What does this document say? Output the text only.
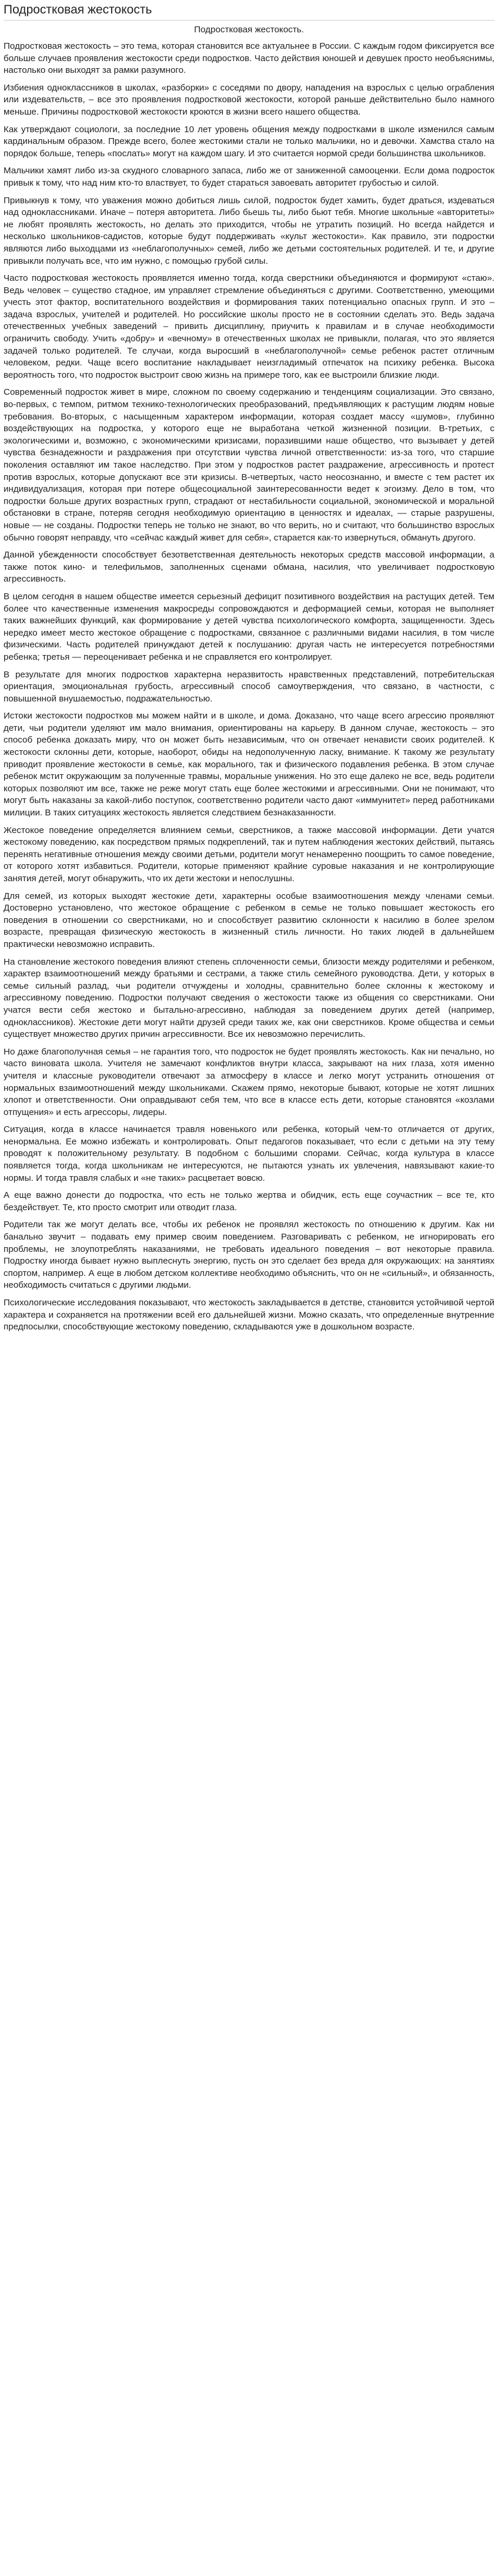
Подростковая жестокость
Подростковая жестокость.

Подростковая жестокость – это тема, которая становится все актуальнее в России. С каждым годом фиксируется все больше случаев проявления жестокости среди подростков. Часто действия юношей и девушек просто необъяснимы, настолько они выходят за рамки разумного.

Избиения одноклассников в школах, «разборки» с соседями по двору, нападения на взрослых с целью ограбления или издевательств, – все это проявления подростковой жестокости, которой раньше действительно было намного меньше. Причины подростковой жестокости кроются в жизни всего нашего общества.

Как утверждают социологи, за последние 10 лет уровень общения между подростками в школе изменился самым кардинальным образом. Прежде всего, более жестокими стали не только мальчики, но и девочки. Хамства стало на порядок больше, теперь «послать» могут на каждом шагу. И это считается нормой среди большинства школьников.

Мальчики хамят либо из-за скудного словарного запаса, либо же от заниженной самооценки. Если дома подросток привык к тому, что над ним кто-то властвует, то будет стараться завоевать авторитет грубостью и силой.

Привыкнув к тому, что уважения можно добиться лишь силой, подросток будет хамить, будет драться, издеваться над одноклассниками. Иначе – потеря авторитета. Либо бьешь ты, либо бьют тебя. Многие школьные «авторитеты» не любят проявлять жестокость, но делать это приходится, чтобы не утратить позиций. Но всегда найдется и несколько школьников-садистов, которые будут поддерживать «культ жестокости». Как правило, эти подростки являются либо выходцами из «неблагополучных» семей, либо же детьми состоятельных родителей. И те, и другие привыкли получать все, что им нужно, с помощью грубой силы.

Часто подростковая жестокость проявляется именно тогда, когда сверстники объединяются и формируют «стаю». Ведь человек – существо стадное, им управляет стремление объединяться с другими. Соответственно, умеющими учесть этот фактор, воспитательного воздействия и формирования таких потенциально опасных групп. И это – задача взрослых, учителей и родителей. Но российские школы просто не в состоянии сделать это. Ведь задача отечественных учебных заведений – привить дисциплину, приучить к правилам и в случае необходимости ограничить свободу. Учить «добру» и «вечному» в отечественных школах не привыкли, полагая, что это является задачей только родителей. Те случаи, когда выросший в «неблагополучной» семье ребенок растет отличным человеком, редки. Чаще всего воспитание накладывает неизгладимый отпечаток на психику ребенка. Высока вероятность того, что подросток выстроит свою жизнь на примере того, как ее выстроили близкие люди.

Современный подросток живет в мире, сложном по своему содержанию и тенденциям социализации. Это связано, во-первых, с темпом, ритмом технико-технологических преобразований, предъявляющих к растущим людям новые требования. Во-вторых, с насыщенным характером информации, которая создает массу «шумов», глубинно воздействующих на подростка, у которого еще не выработана четкой жизненной позиции. В-третьих, с экологическими и, возможно, с экономическими кризисами, поразившими наше общество, что вызывает у детей чувства безнадежности и раздражения при отсутствии чувства личной ответственности: из-за того, что старшие поколения оставляют им такое наследство. При этом у подростков растет раздражение, агрессивность и протест против взрослых, которые допускают все эти кризисы. В-четвертых, часто неосознанно, и вместе с тем растет их индивидуализация, которая при потере общесоциальной заинтересованности ведет к эгоизму. Дело в том, что подростки больше других возрастных групп, страдают от нестабильности социальной, экономической и моральной обстановки в стране, потеряв сегодня необходимую ориентацию в ценностях и идеалах, — старые разрушены, новые — не созданы. Подростки теперь не только не знают, во что верить, но и считают, что большинство взрослых обычно говорят неправду, что «сейчас каждый живет для себя», старается как-то извернуться, обмануть другого.

Данной убежденности способствует безответственная деятельность некоторых средств массовой информации, а также поток кино- и телефильмов, заполненных сценами обмана, насилия, что увеличивает подростковую агрессивность.

В целом сегодня в нашем обществе имеется серьезный дефицит позитивного воздействия на растущих детей. Тем более что качественные изменения макросреды сопровождаются и деформацией семьи, которая не выполняет таких важнейших функций, как формирование у детей чувства психологического комфорта, защищенности. Здесь нередко имеет место жестокое обращение с подростками, связанное с различными видами насилия, в том числе физическими. Часть родителей принуждают детей к послушанию: другая часть не интересуется потребностями ребенка; третья — переоценивает ребенка и не справляется его контролирует.

В результате для многих подростков характерна неразвитость нравственных представлений, потребительская ориентация, эмоциональная грубость, агрессивный способ самоутверждения, что связано, в частности, с повышенной внушаемостью, подражательностью.

Истоки жестокости подростков мы можем найти и в школе, и дома. Доказано, что чаще всего агрессию проявляют дети, чьи родители уделяют им мало внимания, ориентированы на карьеру. В данном случае, жестокость – это способ ребенка доказать миру, что он может быть независимым, что он отвечает ненависти своих родителей. К жестокости склонны дети, которые, наоборот, обиды на недополученную ласку, внимание. К такому же результату приводит проявление жестокости в семье, как морального, так и физического подавления ребенка. В этом случае ребенок мстит окружающим за полученные травмы, моральные унижения. Но это еще далеко не все, ведь родители которых позволяют им все, также не реже могут стать еще более жестокими и агрессивными. Они не понимают, что могут быть наказаны за какой-либо поступок, соответственно родители часто дают «иммунитет» перед работниками милиции. В таких ситуациях жестокость является следствием безнаказанности.

Жестокое поведение определяется влиянием семьи, сверстников, а также массовой информации. Дети учатся жестокому поведению, как посредством прямых подкреплений, так и путем наблюдения жестоких действий, пытаясь перенять негативные отношения между своими детьми, родители могут ненамеренно поощрить то самое поведение, от которого хотят избавиться. Родители, которые применяют крайние суровые наказания и не контролирующие занятия детей, могут обнаружить, что их дети жестоки и непослушны.

Для семей, из которых выходят жестокие дети, характерны особые взаимоотношения между членами семьи. Достоверно установлено, что жестокое обращение с ребенком в семье не только повышает жестокость его поведения в отношении со сверстниками, но и способствует развитию склонности к насилию в более зрелом возрасте, превращая физическую жестокость в жизненный стиль личности. Но таких людей в дальнейшем практически невозможно исправить.

На становление жестокого поведения влияют степень сплоченности семьи, близости между родителями и ребенком, характер взаимоотношений между братьями и сестрами, а также стиль семейного руководства. Дети, у которых в семье сильный разлад, чьи родители отчуждены и холодны, сравнительно более склонны к жестокому и агрессивному поведению. Подростки получают сведения о жестокости также из общения со сверстниками. Они учатся вести себя жестоко и бытально-агрессивно, наблюдая за поведением других детей (например, одноклассников). Жестокие дети могут найти друзей среди таких же, как они сверстников. Кроме общества и семьи существует множество других причин агрессивности. Все их невозможно перечислить.

Но даже благополучная семья – не гарантия того, что подросток не будет проявлять жестокость. Как ни печально, но часто виновата школа. Учителя не замечают конфликтов внутри класса, закрывают на них глаза, хотя именно учителя и классные руководители отвечают за атмосферу в классе и легко могут устранить отношения от нормальных взаимоотношений между школьниками. Скажем прямо, некоторые бывают, которые не хотят лишних хлопот и ответственности. Они оправдывают себя тем, что все в классе есть дети, которые становятся «козлами отпущения» и есть агрессоры, лидеры.

Ситуация, когда в классе начинается травля новенького или ребенка, который чем-то отличается от других, ненормальна. Ее можно избежать и контролировать. Опыт педагогов показывает, что если с детьми на эту тему проводят к положительному результату. В подобном с большими спорами. Сейчас, когда культура в классе появляется тогда, когда школьникам не интересуются, не пытаются узнать их увлечения, навязывают какие-то нормы. И тогда травля слабых и «не таких» расцветает вовсю.

А еще важно донести до подростка, что есть не только жертва и обидчик, есть еще соучастник – все те, кто бездействует. Те, кто просто смотрит или отводит глаза.

Родители так же могут делать все, чтобы их ребенок не проявлял жестокость по отношению к другим. Как ни банально звучит – подавать ему пример своим поведением. Разговаривать с ребенком, не игнорировать его проблемы, не злоупотреблять наказаниями, не требовать идеального поведения – вот некоторые правила. Подростку иногда бывает нужно выплеснуть энергию, пусть он это сделает без вреда для окружающих: на занятиях спортом, например. А еще в любом детском коллективе необходимо объяснить, что он не «сильный», и обязанность, необходимость считаться с другими людьми.

Психологические исследования показывают, что жестокость закладывается в детстве, становится устойчивой чертой характера и сохраняется на протяжении всей его дальнейшей жизни. Можно сказать, что определенные внутренние предпосылки, способствующие жестокому поведению, складываются уже в дошкольном возрасте.
